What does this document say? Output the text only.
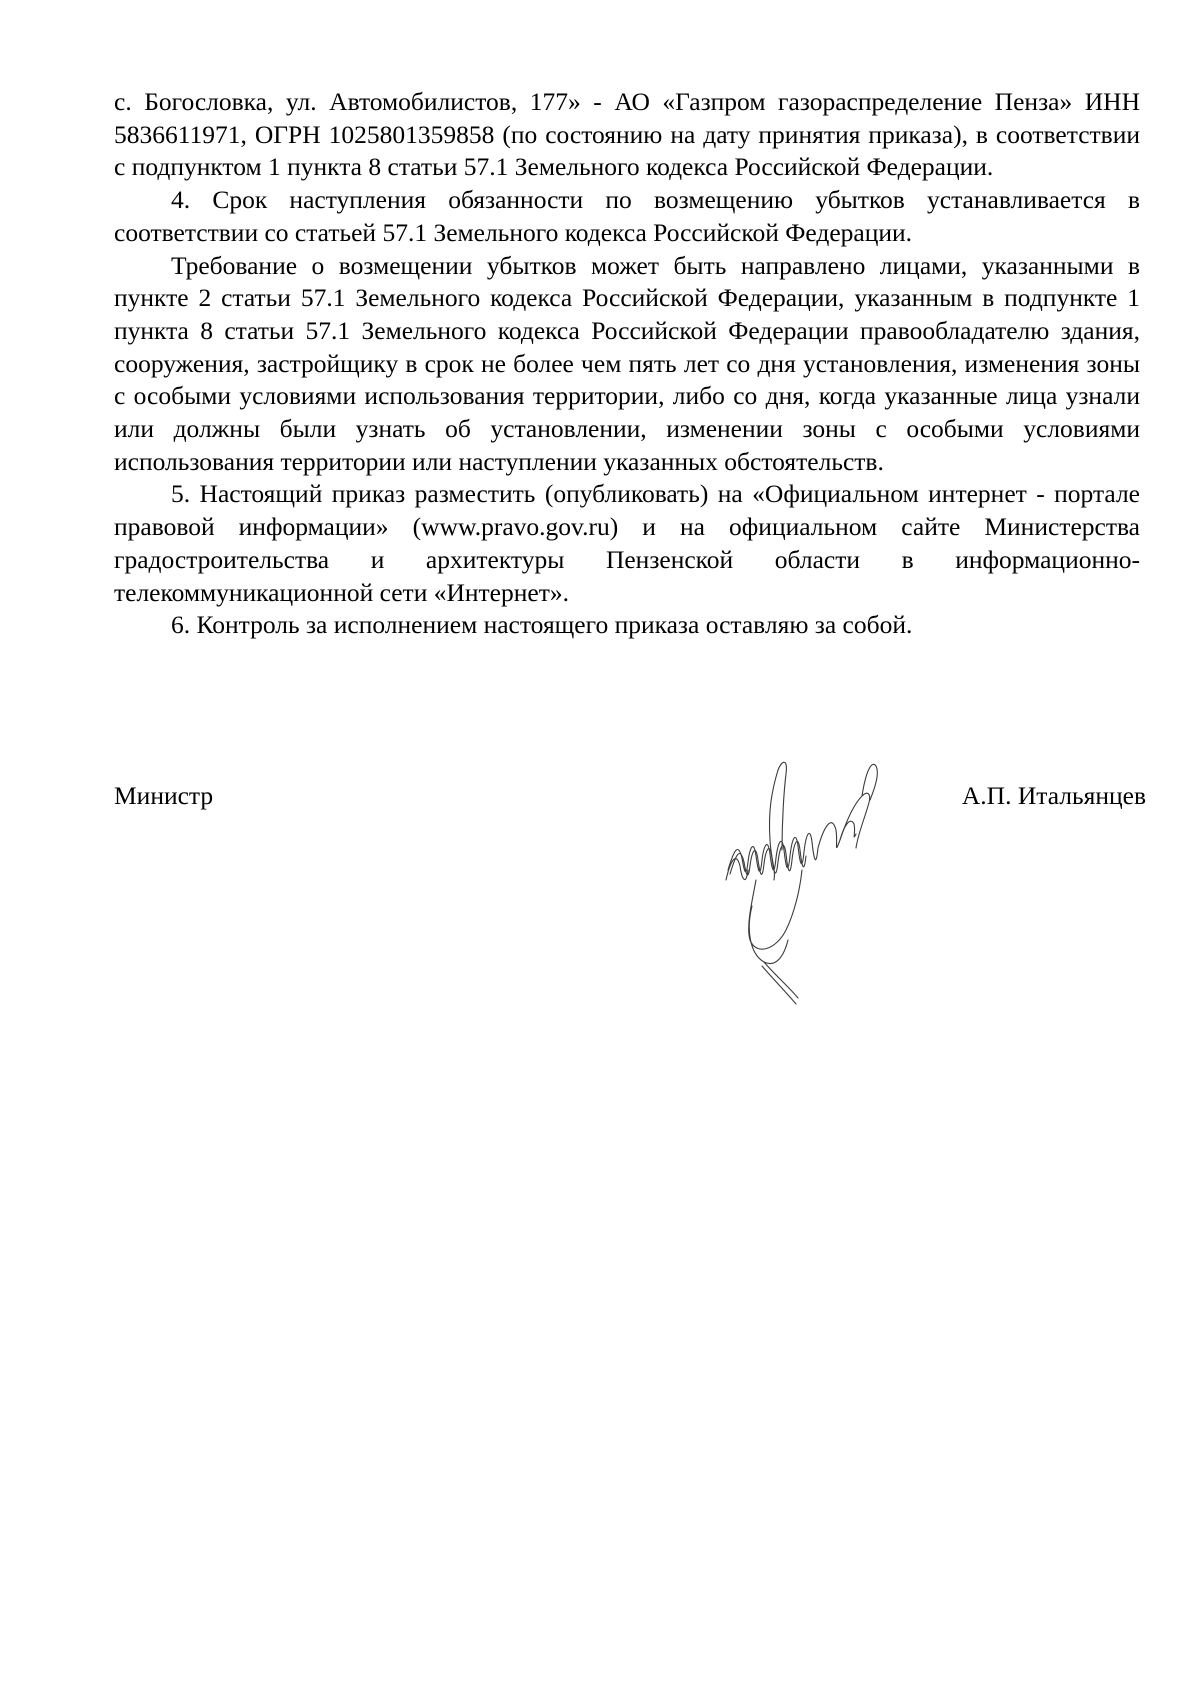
с. Богословка, ул. Автомобилистов, 177» - АО «Газпром газораспределение Пенза» ИНН 5836611971, ОГРН 1025801359858 (по состоянию на дату принятия приказа), в соответствии с подпунктом 1 пункта 8 статьи 57.1 Земельного кодекса Российской Федерации.

4. Срок наступления обязанности по возмещению убытков устанавливается в соответствии со статьей 57.1 Земельного кодекса Российской Федерации.

Требование о возмещении убытков может быть направлено лицами, указанными в пункте 2 статьи 57.1 Земельного кодекса Российской Федерации, указанным в подпункте 1 пункта 8 статьи 57.1 Земельного кодекса Российской Федерации правообладателю здания, сооружения, застройщику в срок не более чем пять лет со дня установления, изменения зоны с особыми условиями использования территории, либо со дня, когда указанные лица узнали или должны были узнать об установлении, изменении зоны с особыми условиями использования территории или наступлении указанных обстоятельств.

5. Настоящий приказ разместить (опубликовать) на «Официальном интернет - портале правовой информации» (www.pravo.gov.ru) и на официальном сайте Министерства градостроительства и архитектуры Пензенской области в информационно-телекоммуникационной сети «Интернет».

6. Контроль за исполнением настоящего приказа оставляю за собой.

Министр	А.П. Итальянцев
